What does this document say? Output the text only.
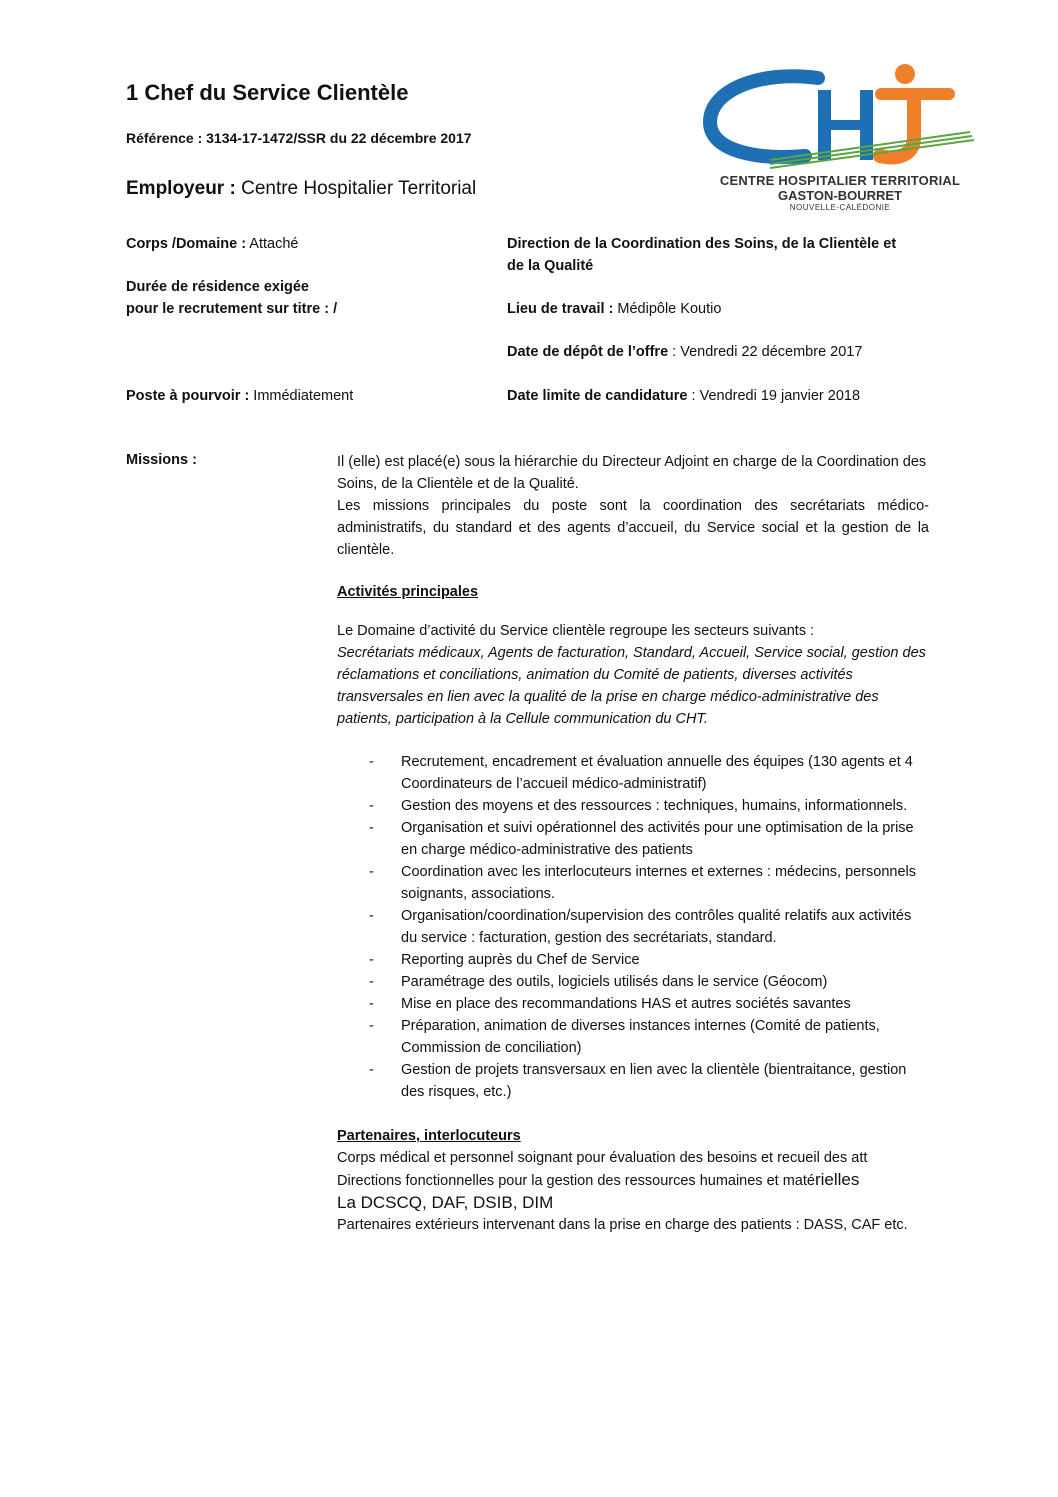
1 Chef du Service Clientèle
Référence : 3134-17-1472/SSR du 22 décembre 2017
Employeur : Centre Hospitalier Territorial	CENTRE HOSPITALIER TERRITORIAL
GASTON-BOURRET
NOUVELLE-CALÉDONIE
Corps /Domaine : Attaché
Durée de résidence exigée
pour le recrutement sur titre : /
Poste à pourvoir : Immédiatement
Direction de la Coordination des Soins, de la Clientèle et
de la Qualité
Lieu de travail : Médipôle Koutio
Date de dépôt de l’offre : Vendredi 22 décembre 2017
Date limite de candidature : Vendredi 19 janvier 2018
Missions :	Il (elle) est placé(e) sous la hiérarchie du Directeur Adjoint en charge de la Coordination des Soins, de la Clientèle et de la Qualité.
Les missions principales du poste sont la coordination des secrétariats médico-administratifs, du standard et des agents d’accueil, du Service social et la gestion de la clientèle.
Activités principales
Le Domaine d’activité du Service clientèle regroupe les secteurs suivants :
Secrétariats médicaux, Agents de facturation, Standard, Accueil, Service social, gestion des réclamations et conciliations, animation du Comité de patients, diverses activités transversales en lien avec la qualité de la prise en charge médico-administrative des patients, participation à la Cellule communication du CHT.
- Recrutement, encadrement et évaluation annuelle des équipes (130 agents et 4 Coordinateurs de l’accueil médico-administratif)
- Gestion des moyens et des ressources : techniques, humains, informationnels.
- Organisation et suivi opérationnel des activités pour une optimisation de la prise en charge médico-administrative des patients
- Coordination avec les interlocuteurs internes et externes : médecins, personnels soignants, associations.
- Organisation/coordination/supervision des contrôles qualité relatifs aux activités du service : facturation, gestion des secrétariats, standard.
- Reporting auprès du Chef de Service
- Paramétrage des outils, logiciels utilisés dans le service (Géocom)
- Mise en place des recommandations HAS et autres sociétés savantes
- Préparation, animation de diverses instances internes (Comité de patients, Commission de conciliation)
- Gestion de projets transversaux en lien avec la clientèle (bientraitance, gestion des risques, etc.)
Partenaires, interlocuteurs
Corps médical et personnel soignant pour évaluation des besoins et recueil des att
Directions fonctionnelles pour la gestion des ressources humaines et matérielles
La DCSCQ, DAF, DSIB, DIM
Partenaires extérieurs intervenant dans la prise en charge des patients : DASS, CAF etc.
